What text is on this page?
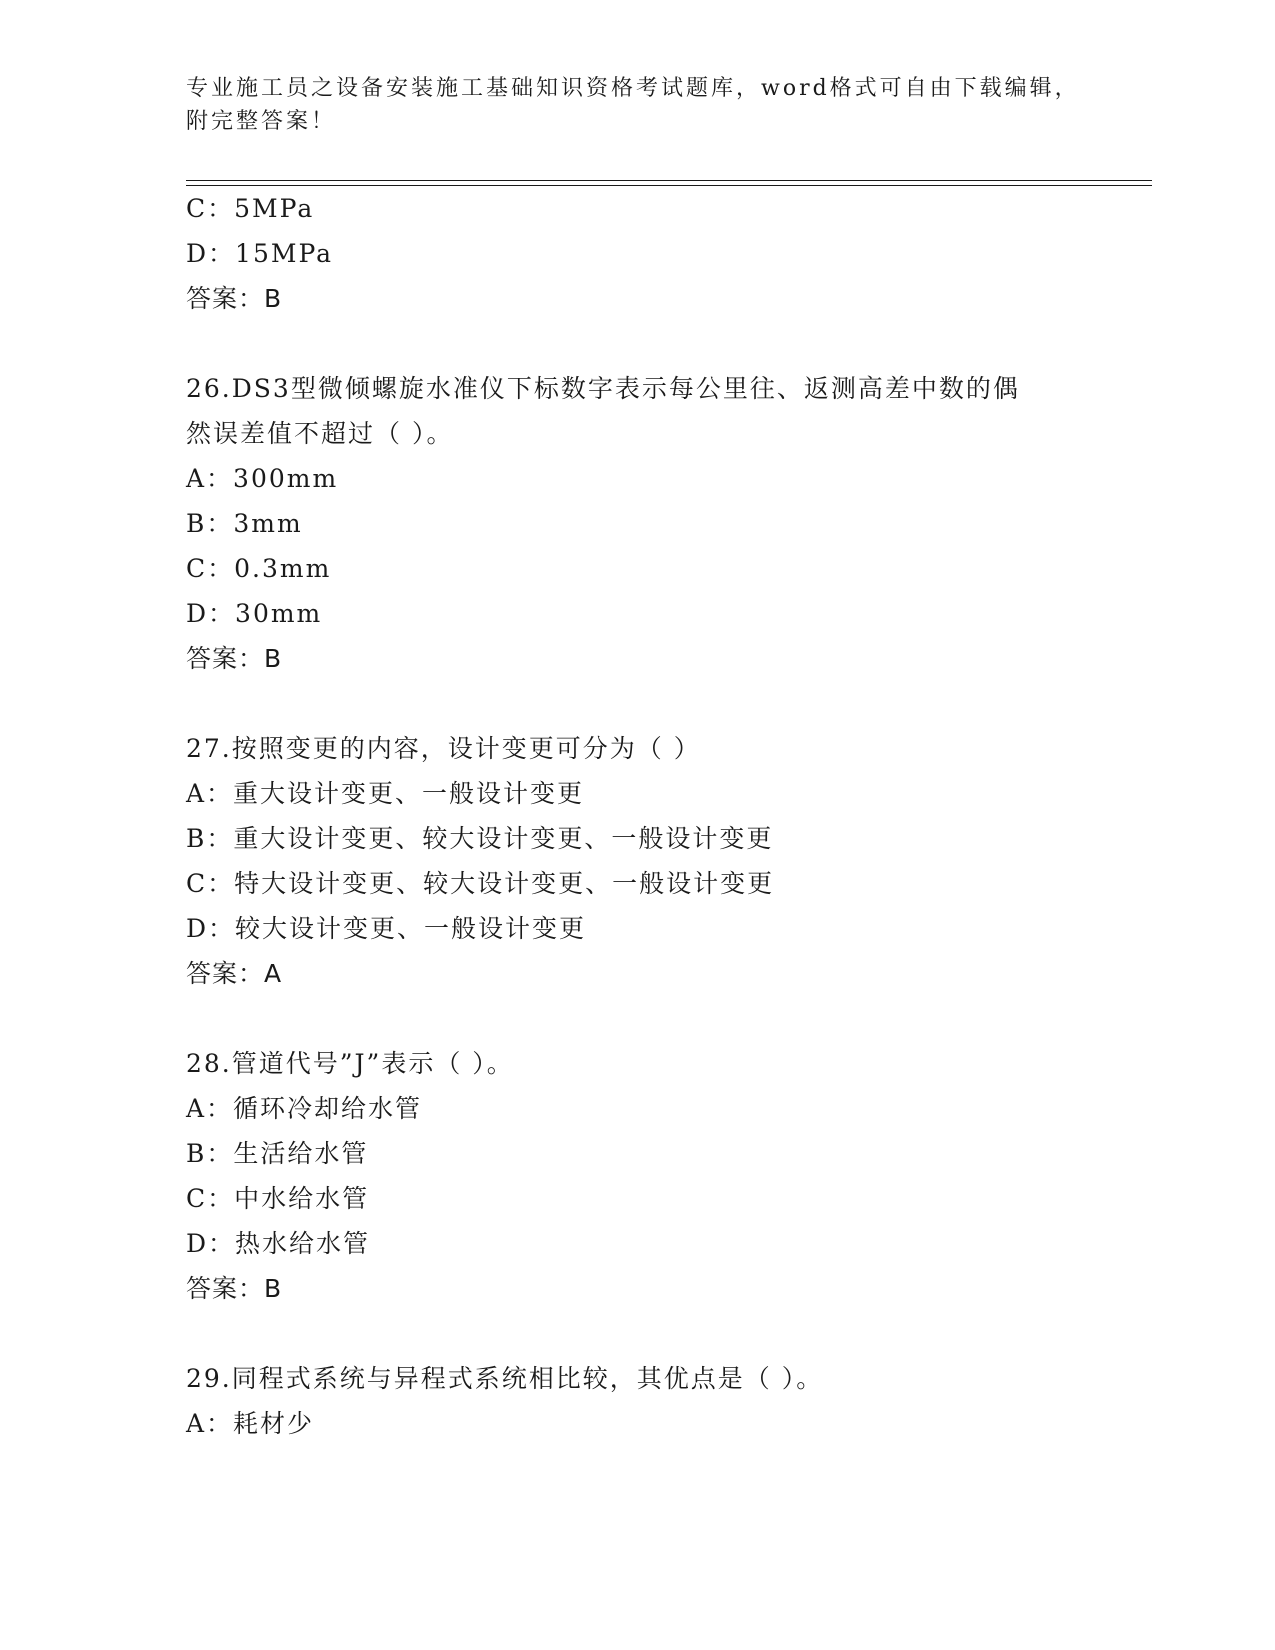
专业施工员之设备安装施工基础知识资格考试题库，word格式可自由下载编辑，
附完整答案！
C：5MPa
D：15MPa
答案：B
26.DS3型微倾螺旋水准仪下标数字表示每公里往、返测高差中数的偶
然误差值不超过（ ）。
A：300mm
B：3mm
C：0.3mm
D：30mm
答案：B
27.按照变更的内容，设计变更可分为（ ）
A：重大设计变更、一般设计变更
B：重大设计变更、较大设计变更、一般设计变更
C：特大设计变更、较大设计变更、一般设计变更
D：较大设计变更、一般设计变更
答案：A
28.管道代号”J”表示（ ）。
A：循环冷却给水管
B：生活给水管
C：中水给水管
D：热水给水管
答案：B
29.同程式系统与异程式系统相比较，其优点是（ ）。
A：耗材少
